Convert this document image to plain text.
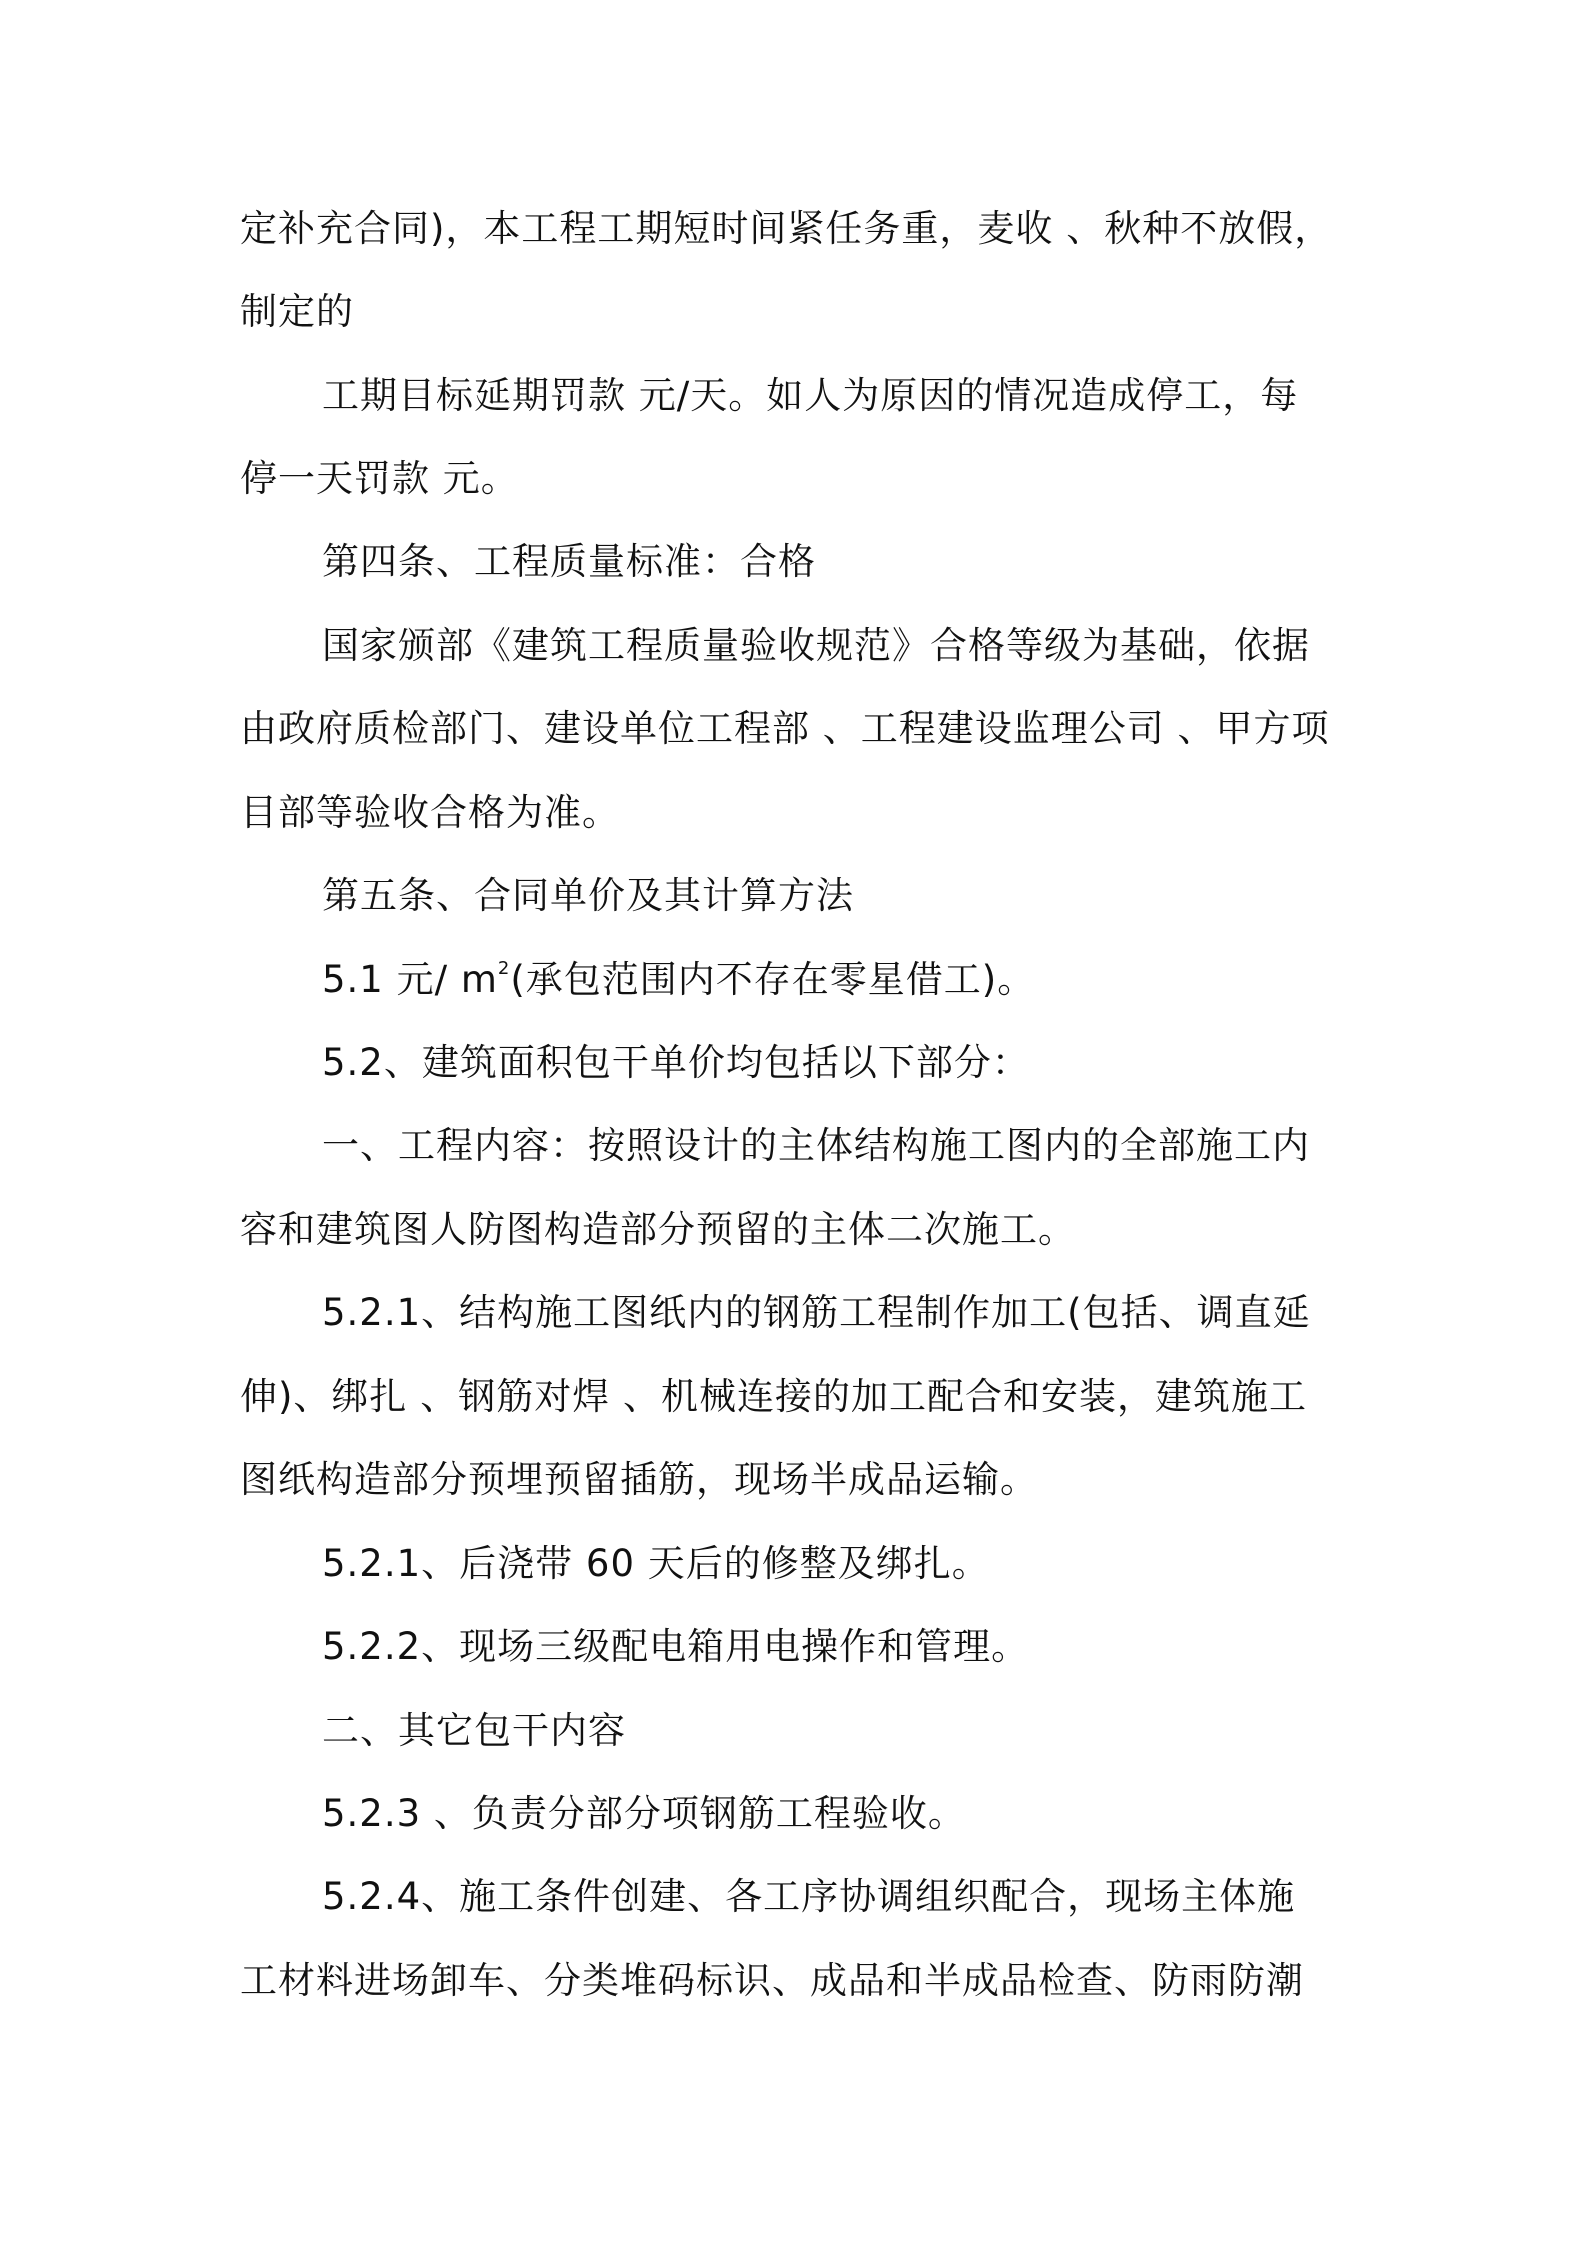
定补充合同)，本工程工期短时间紧任务重，麦收 、秋种不放假，
制定的
工期目标延期罚款 元/天。如人为原因的情况造成停工，每
停一天罚款 元。
第四条、工程质量标准：合格
国家颁部《建筑工程质量验收规范》合格等级为基础，依据
由政府质检部门、建设单位工程部 、工程建设监理公司 、甲方项
目部等验收合格为准。
第五条、合同单价及其计算方法
5.1 元/ $m^2$(承包范围内不存在零星借工)。
5.2、建筑面积包干单价均包括以下部分：
一、工程内容：按照设计的主体结构施工图内的全部施工内
容和建筑图人防图构造部分预留的主体二次施工。
5.2.1、结构施工图纸内的钢筋工程制作加工(包括、调直延
伸)、绑扎 、钢筋对焊 、机械连接的加工配合和安装，建筑施工
图纸构造部分预埋预留插筋，现场半成品运输。
5.2.1、后浇带 60 天后的修整及绑扎。
5.2.2、现场三级配电箱用电操作和管理。
二、其它包干内容
5.2.3 、负责分部分项钢筋工程验收。
5.2.4、施工条件创建、各工序协调组织配合，现场主体施
工材料进场卸车、分类堆码标识、成品和半成品检查、防雨防潮
